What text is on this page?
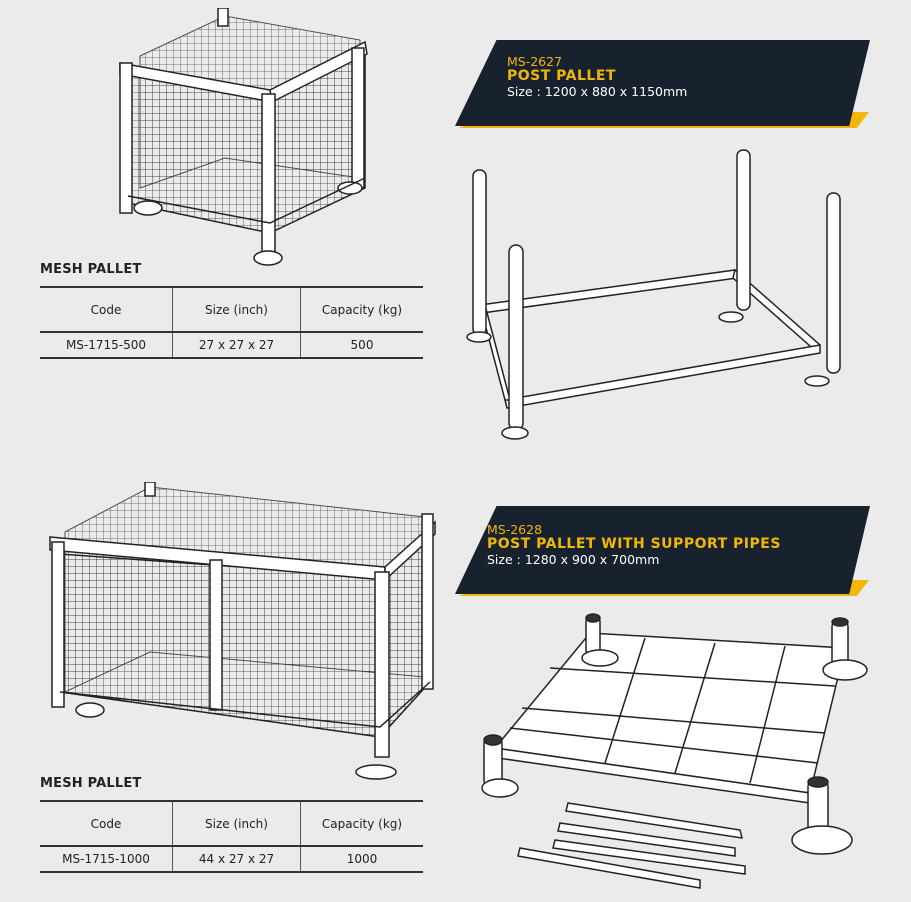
MESH PALLET
Code	Size (inch)	Capacity (kg)
MS-1715-500	27 x 27 x 27	500
MS-2627
POST PALLET
Size : 1200 x 880 x 1150mm
MESH PALLET
Code	Size (inch)	Capacity (kg)
MS-1715-1000	44 x 27 x 27	1000
MS-2628
POST PALLET WITH SUPPORT PIPES
Size : 1280 x 900 x 700mm
